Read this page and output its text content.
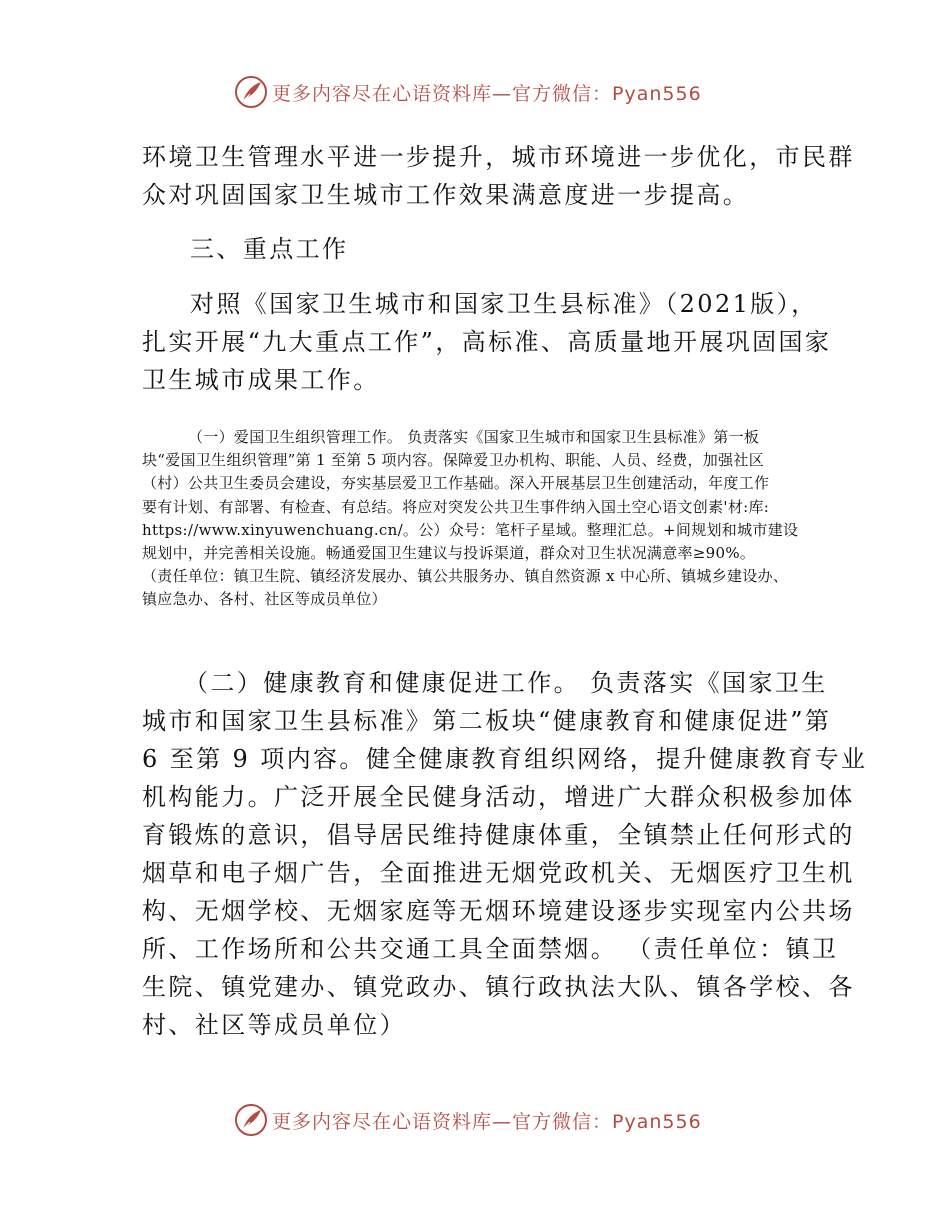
更多内容尽在心语资料库—官方微信：Pyan556
环境卫生管理水平进一步提升，城市环境进一步优化，市民群
众对巩固国家卫生城市工作效果满意度进一步提高。
三、重点工作
对照《国家卫生城市和国家卫生县标准》（2021版），
扎实开展“九大重点工作”，高标准、高质量地开展巩固国家
卫生城市成果工作。
（一）爱国卫生组织管理工作。 负责落实《国家卫生城市和国家卫生县标准》第一板
块“爱国卫生组织管理”第 1 至第 5 项内容。保障爱卫办机构、职能、人员、经费，加强社区
（村）公共卫生委员会建设，夯实基层爱卫工作基础。深入开展基层卫生创建活动，年度工作
要有计划、有部署、有检查、有总结。将应对突发公共卫生事件纳入国土空心语文创素'材:库:
https://www.xinyuwenchuang.cn/。公）众号：笔杆子星域。整理汇总。+间规划和城市建设
规划中，并完善相关设施。畅通爱国卫生建议与投诉渠道，群众对卫生状况满意率≥90%。
（责任单位：镇卫生院、镇经济发展办、镇公共服务办、镇自然资源 x 中心所、镇城乡建设办、
镇应急办、各村、社区等成员单位）
（二）健康教育和健康促进工作。 负责落实《国家卫生
城市和国家卫生县标准》第二板块“健康教育和健康促进”第
6 至第 9 项内容。健全健康教育组织网络，提升健康教育专业
机构能力。广泛开展全民健身活动，增进广大群众积极参加体
育锻炼的意识，倡导居民维持健康体重，全镇禁止任何形式的
烟草和电子烟广告，全面推进无烟党政机关、无烟医疗卫生机
构、无烟学校、无烟家庭等无烟环境建设逐步实现室内公共场
所、工作场所和公共交通工具全面禁烟。 （责任单位：镇卫
生院、镇党建办、镇党政办、镇行政执法大队、镇各学校、各
村、社区等成员单位）
更多内容尽在心语资料库—官方微信：Pyan556
